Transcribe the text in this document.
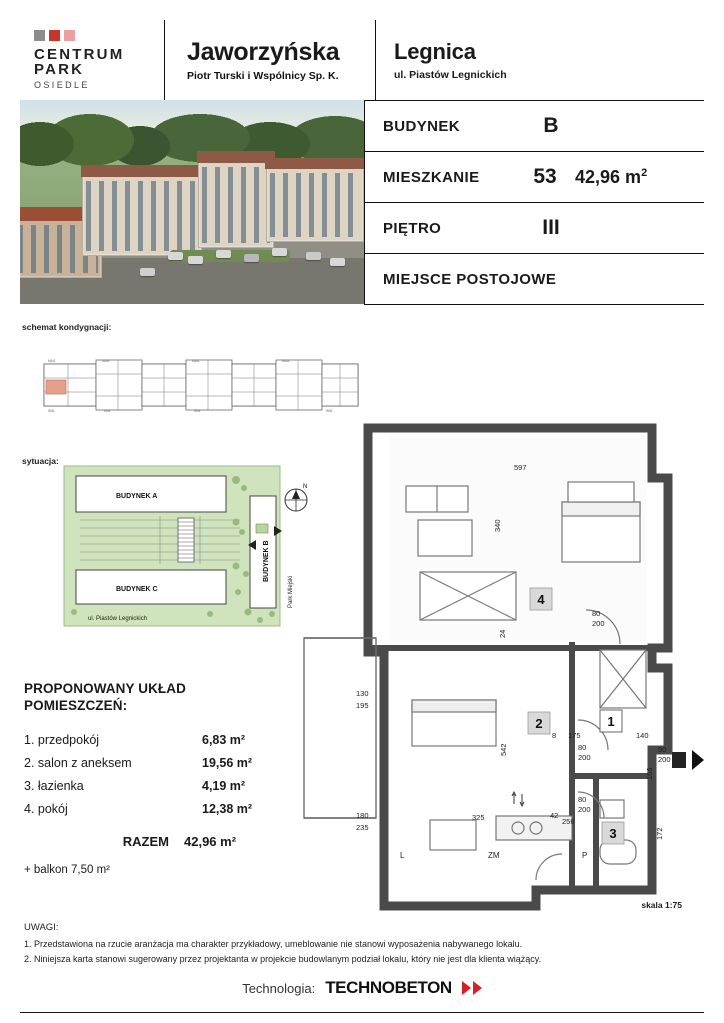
CENTRUM PARK
OSIEDLE
Jaworzyńska
Piotr Turski i Wspólnicy Sp. K.
Legnica
ul. Piastów Legnickich
BUDYNEK	B
MIESZKANIE	53	42,96 $m^2$
PIĘTRO	III
MIEJSCE POSTOJOWE
schemat kondygnacji:
MAG.	MAG.	MAG.	MAG.
WIN.	WIN.	WIN.	WIN.
sytuacja:
BUDYNEK A
BUDYNEK C
BUDYNEK B
N
ul. Piastów Legnickich
Park Miejski
PROPONOWANY UKŁAD
POMIESZCZEŃ:
1. przedpokój	6,83 m²
2. salon z aneksem	19,56 m²
3. łazienka	4,19 m²
4. pokój	12,38 m²
RAZEM	42,96 m²
+ balkon 7,50 m²
4
2	1
3
597
340
24
542
325
175
256
172
130
195
180
235
80
200
80
200
80
200
90
200
140
8
42
166
L	ZM	P
skala 1:75
UWAGI:
1. Przedstawiona na rzucie aranżacja ma charakter przykładowy, umeblowanie nie stanowi wyposażenia nabywanego lokalu.
2. Niniejsza karta stanowi sugerowany przez projektanta w projekcie budowlanym podział lokalu, który nie jest dla klienta wiążący.
Technologia: TECHNOBETON
